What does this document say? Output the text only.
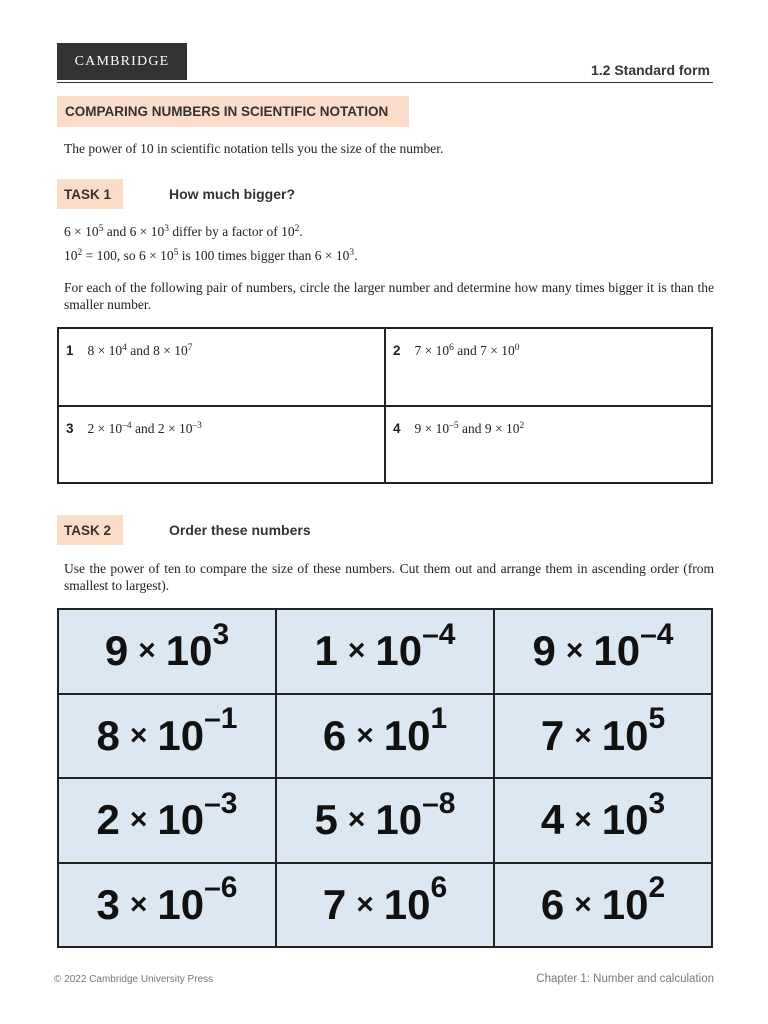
CAMBRIDGE
1.2 Standard form
COMPARING NUMBERS IN SCIENTIFIC NOTATION
The power of 10 in scientific notation tells you the size of the number.
TASK 1	How much bigger?
$6 \times 10^5$ and $6 \times 10^3$ differ by a factor of $10^2$.
$10^2 = 100$, so $6 \times 10^5$ is 100 times bigger than $6 \times 10^3$.
For each of the following pair of numbers, circle the larger number and determine how many times bigger it is than the smaller number.
1 $8 \times 10^4$ and $8 \times 10^7$	2 $7 \times 10^6$ and $7 \times 10^0$
3 $2 \times 10^{-4}$ and $2 \times 10^{-3}$	4 $9 \times 10^{-5}$ and $9 \times 10^2$
TASK 2	Order these numbers
Use the power of ten to compare the size of these numbers. Cut them out and arrange them in ascending order (from smallest to largest).
$9 \times 10^3$ $1 \times 10^{-4}$ $9 \times 10^{-4}$
$8 \times 10^{-1}$ $6 \times 10^1$ $7 \times 10^5$
$2 \times 10^{-3}$ $5 \times 10^{-8}$ $4 \times 10^3$
$3 \times 10^{-6}$ $7 \times 10^6$ $6 \times 10^2$
© 2022 Cambridge University Press	Chapter 1: Number and calculation
